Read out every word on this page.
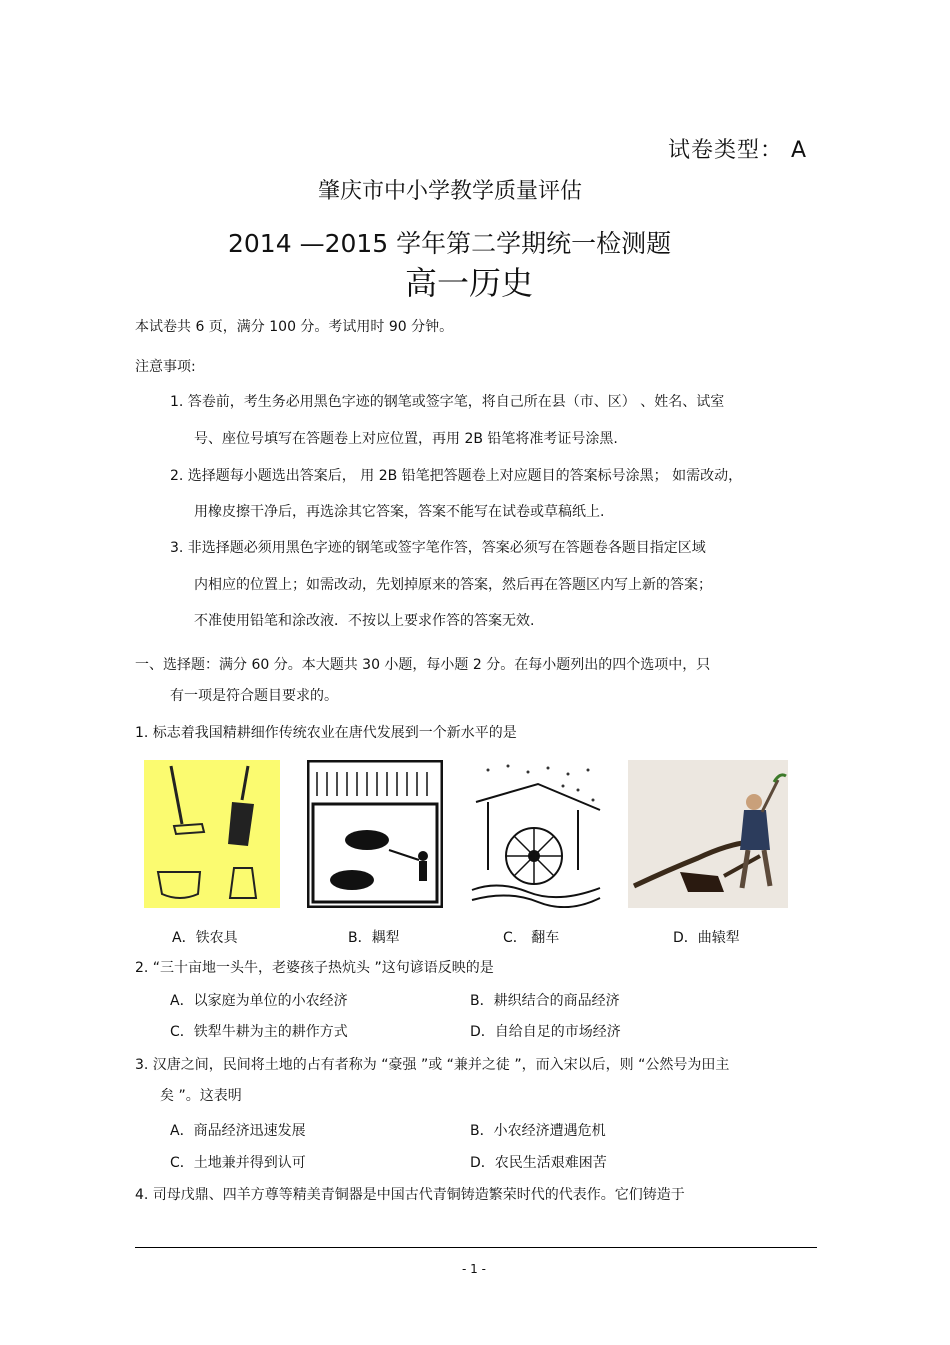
试卷类型： A
肇庆市中小学教学质量评估
2014 —2015 学年第二学期统一检测题
高一历史
本试卷共 6 页，满分 100 分。考试用时 90 分钟。
注意事项:
1. 答卷前，考生务必用黑色字迹的钢笔或签字笔，将自己所在县（市、区） 、姓名、试室
号、座位号填写在答题卷上对应位置，再用 2B 铅笔将准考证号涂黑.
2. 选择题每小题选出答案后， 用 2B 铅笔把答题卷上对应题目的答案标号涂黑； 如需改动，
用橡皮擦干净后，再选涂其它答案，答案不能写在试卷或草稿纸上.
3. 非选择题必须用黑色字迹的钢笔或签字笔作答，答案必须写在答题卷各题目指定区域
内相应的位置上；如需改动，先划掉原来的答案，然后再在答题区内写上新的答案；
不准使用铅笔和涂改液．不按以上要求作答的答案无效.
一、选择题：满分 60 分。本大题共 30 小题，每小题 2 分。在每小题列出的四个选项中，只
有一项是符合题目要求的。
1. 标志着我国精耕细作传统农业在唐代发展到一个新水平的是
A．铁农具	B．耦犁	C． 翻车	D．曲辕犁
2. “三十亩地一头牛，老婆孩子热炕头 ”这句谚语反映的是
A．以家庭为单位的小农经济	B．耕织结合的商品经济
C．铁犁牛耕为主的耕作方式	D．自给自足的市场经济
3. 汉唐之间，民间将土地的占有者称为 “豪强 ”或 “兼并之徒 ”，而入宋以后，则 “公然号为田主
矣 ”。这表明
A．商品经济迅速发展	B．小农经济遭遇危机
C．土地兼并得到认可	D．农民生活艰难困苦
4. 司母戊鼎、四羊方尊等精美青铜器是中国古代青铜铸造繁荣时代的代表作。它们铸造于
- 1 -
